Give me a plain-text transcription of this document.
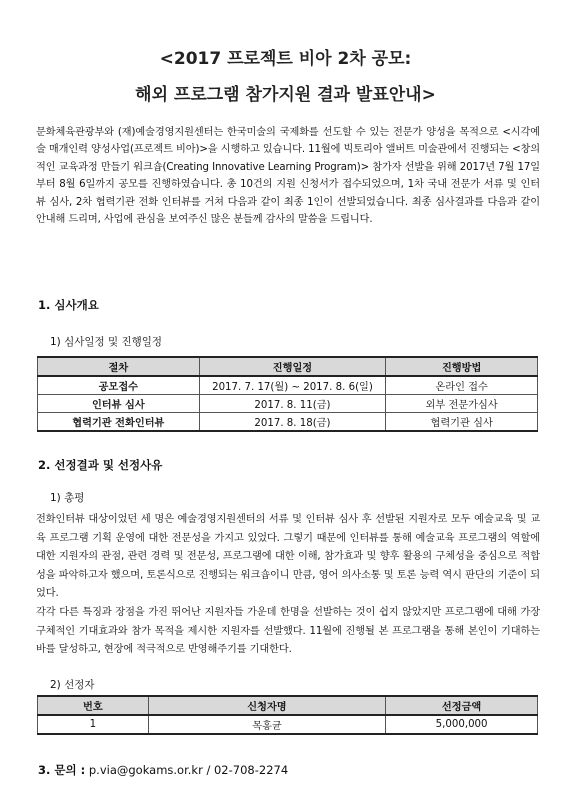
<2017 프로젝트 비아 2차 공모:
해외 프로그램 참가지원 결과 발표안내>

문화체육관광부와 (재)예술경영지원센터는 한국미술의 국제화를 선도할 수 있는 전문가 양성을 목적으로 <시각예술 매개인력 양성사업(프로젝트 비아)>을 시행하고 있습니다. 11월에 빅토리아 앨버트 미술관에서 진행되는 <창의적인 교육과정 만들기 워크숍(Creating Innovative Learning Program)> 참가자 선발을 위해 2017년 7월 17일부터 8월 6일까지 공모를 진행하였습니다. 총 10건의 지원 신청서가 접수되었으며, 1차 국내 전문가 서류 및 인터뷰 심사, 2차 협력기관 전화 인터뷰를 거쳐 다음과 같이 최종 1인이 선발되었습니다. 최종 심사결과를 다음과 같이 안내해 드리며, 사업에 관심을 보여주신 많은 분들께 감사의 말씀을 드립니다.

1. 심사개요
1) 심사일정 및 진행일정
절차	진행일정	진행방법
공모접수	2017. 7. 17(월) ~ 2017. 8. 6(일)	온라인 접수
인터뷰 심사	2017. 8. 11(금)	외부 전문가심사
협력기관 전화인터뷰	2017. 8. 18(금)	협력기관 심사
2. 선정결과 및 선정사유
1) 총평

전화인터뷰 대상이었던 세 명은 예술경영지원센터의 서류 및 인터뷰 심사 후 선발된 지원자로 모두 예술교육 및 교육 프로그램 기획 운영에 대한 전문성을 가지고 있었다. 그렇기 때문에 인터뷰를 통해 예술교육 프로그램의 역할에 대한 지원자의 관점, 관련 경력 및 전문성, 프로그램에 대한 이해, 참가효과 및 향후 활용의 구체성을 중심으로 적합성을 파악하고자 했으며, 토론식으로 진행되는 워크숍이니 만큼, 영어 의사소통 및 토론 능력 역시 판단의 기준이 되었다.

각각 다른 특징과 장점을 가진 뛰어난 지원자들 가운데 한명을 선발하는 것이 쉽지 않았지만 프로그램에 대해 가장 구체적인 기대효과와 참가 목적을 제시한 지원자를 선발했다. 11월에 진행될 본 프로그램을 통해 본인이 기대하는 바를 달성하고, 현장에 적극적으로 반영해주기를 기대한다.

2) 선정자
번호	신청자명	선정금액
1	목홍균	5,000,000
3. 문의 : p.via@gokams.or.kr / 02-708-2274
